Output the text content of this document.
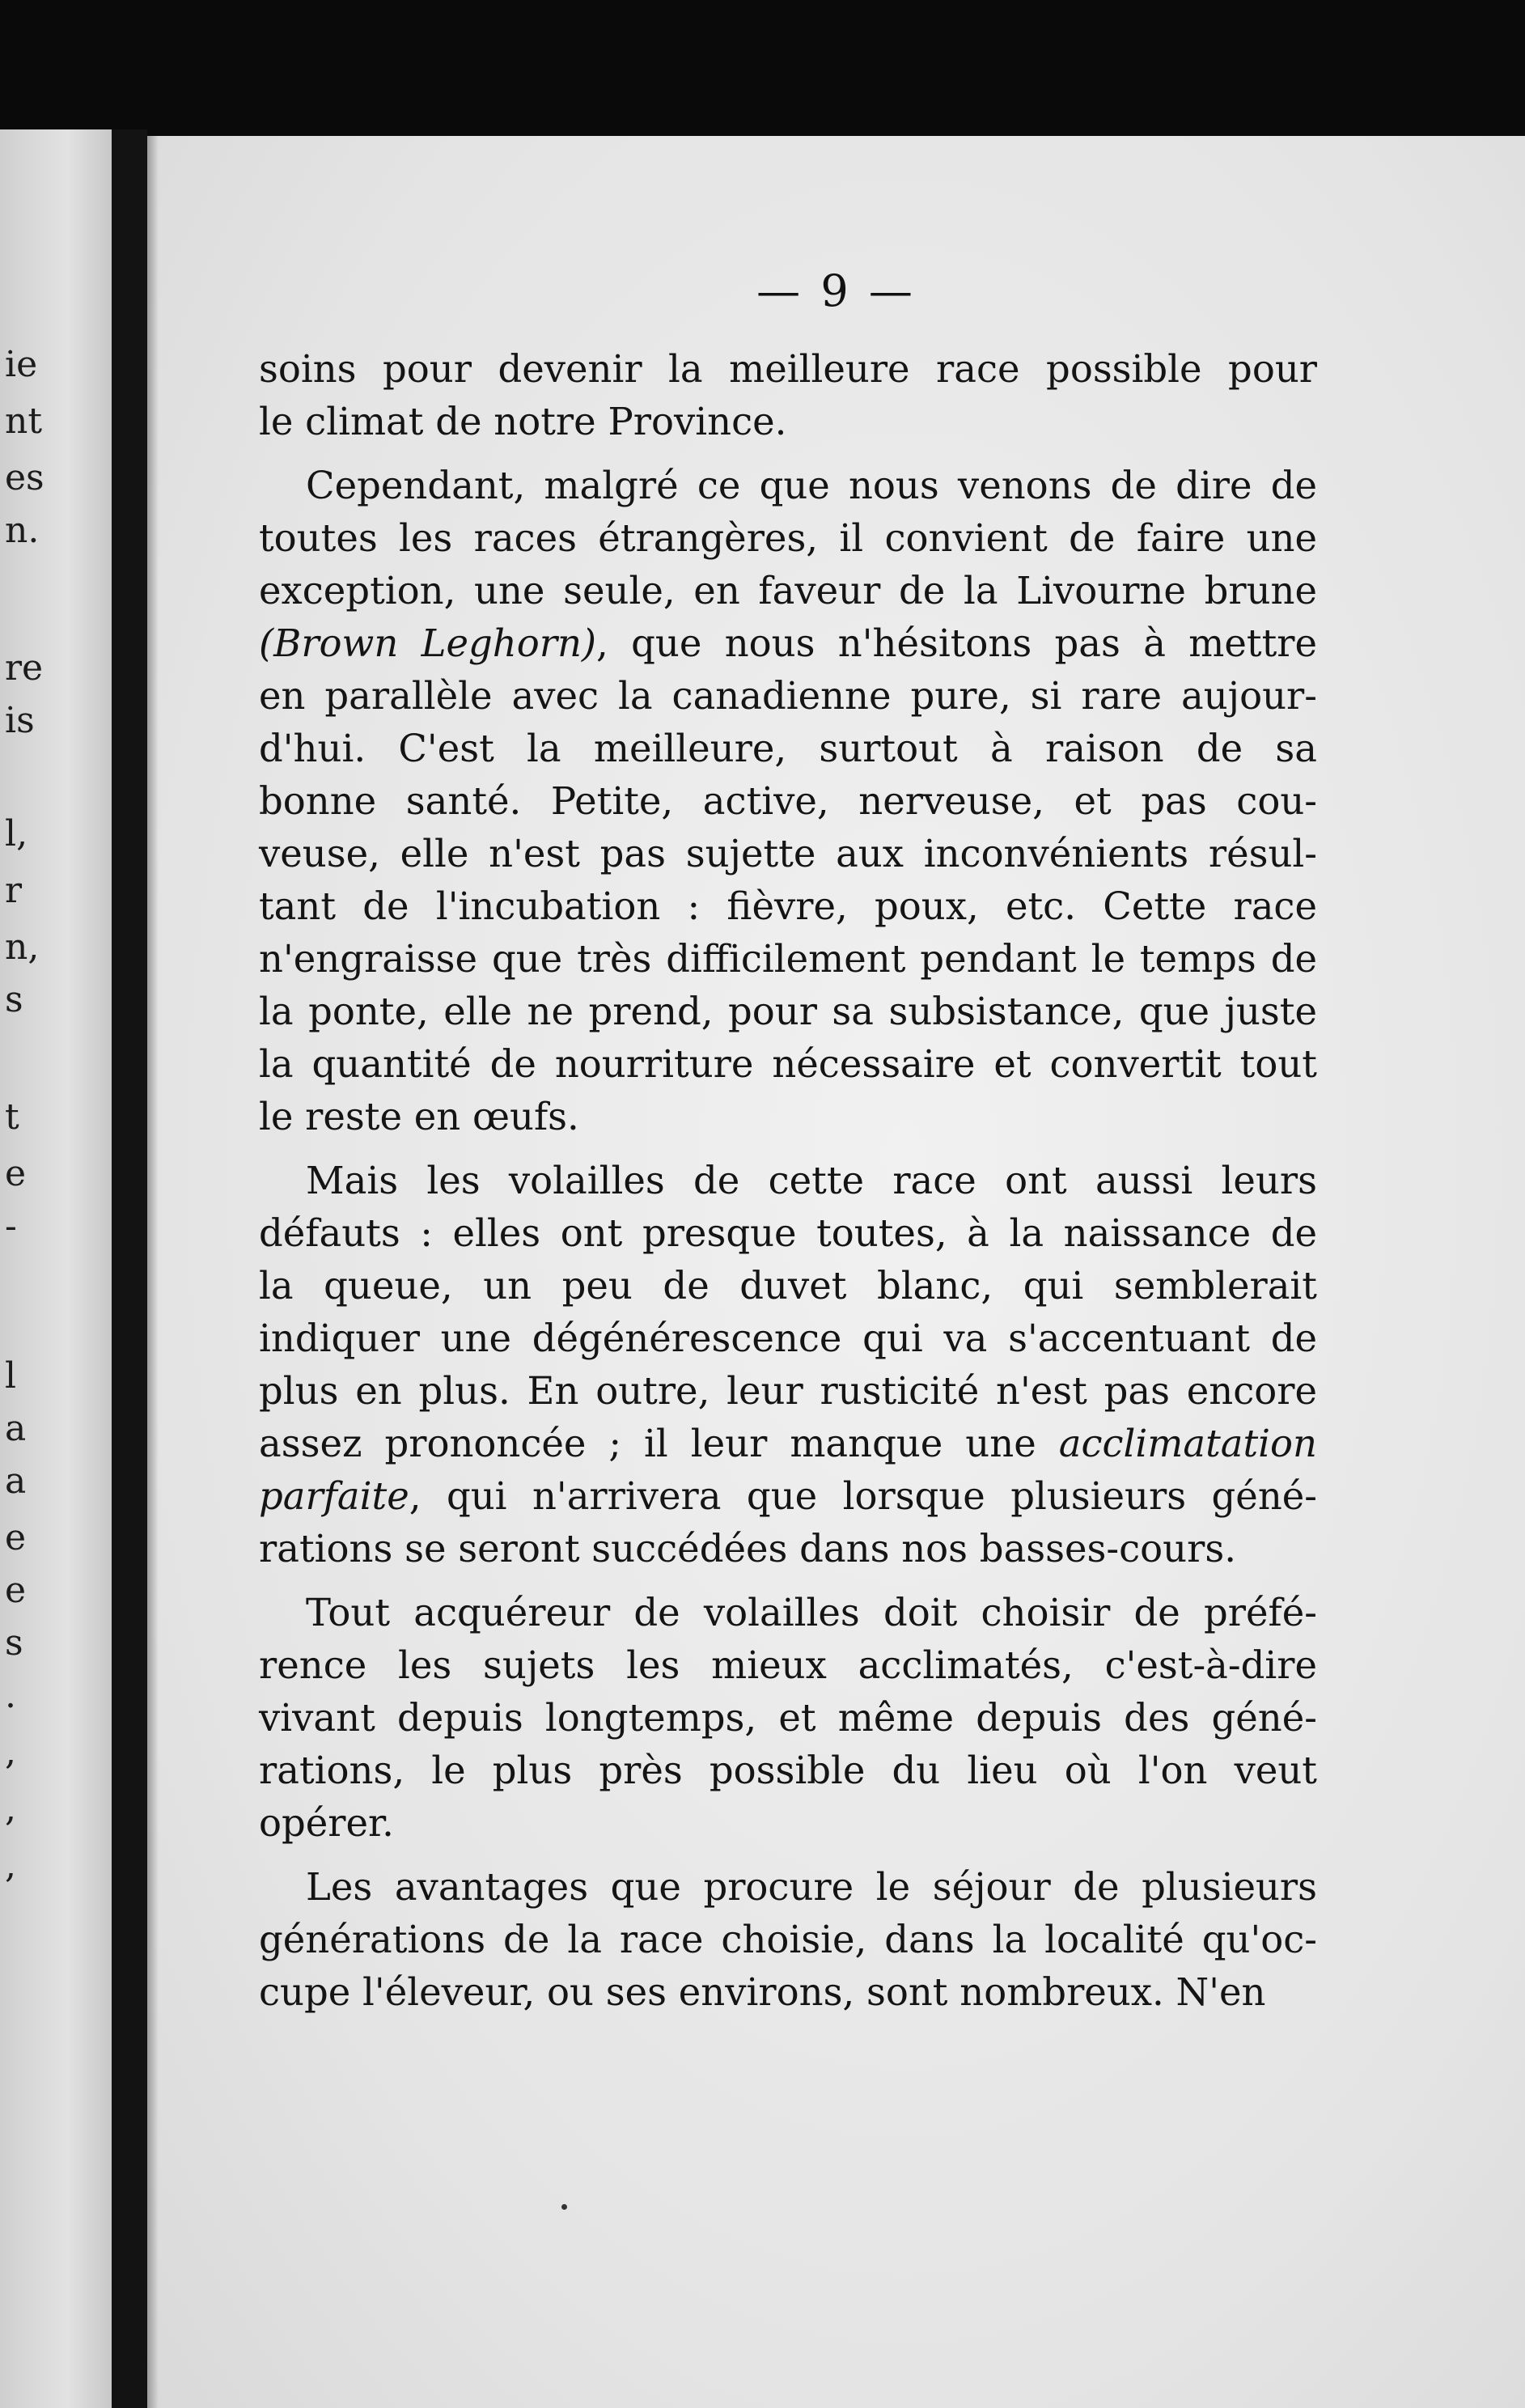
ie
nt
es
n.
re
is
l,
r
n,
s
t
e
-
l
a
a
e
e
s
.
,
,
,
— 9 —
soins pour devenir la meilleure race possible pour
le climat de notre Province.
Cependant, malgré ce que nous venons de dire de
toutes les races étrangères, il convient de faire une
exception, une seule, en faveur de la Livourne brune
(Brown Leghorn), que nous n'hésitons pas à mettre
en parallèle avec la canadienne pure, si rare aujour-
d'hui. C'est la meilleure, surtout à raison de sa
bonne santé. Petite, active, nerveuse, et pas cou-
veuse, elle n'est pas sujette aux inconvénients résul-
tant de l'incubation : fièvre, poux, etc. Cette race
n'engraisse que très difficilement pendant le temps de
la ponte, elle ne prend, pour sa subsistance, que juste
la quantité de nourriture nécessaire et convertit tout
le reste en œufs.
Mais les volailles de cette race ont aussi leurs
défauts : elles ont presque toutes, à la naissance de
la queue, un peu de duvet blanc, qui semblerait
indiquer une dégénérescence qui va s'accentuant de
plus en plus. En outre, leur rusticité n'est pas encore
assez prononcée ; il leur manque une acclimatation
parfaite, qui n'arrivera que lorsque plusieurs géné-
rations se seront succédées dans nos basses-cours.
Tout acquéreur de volailles doit choisir de préfé-
rence les sujets les mieux acclimatés, c'est-à-dire
vivant depuis longtemps, et même depuis des géné-
rations, le plus près possible du lieu où l'on veut
opérer.
Les avantages que procure le séjour de plusieurs
générations de la race choisie, dans la localité qu'oc-
cupe l'éleveur, ou ses environs, sont nombreux. N'en
